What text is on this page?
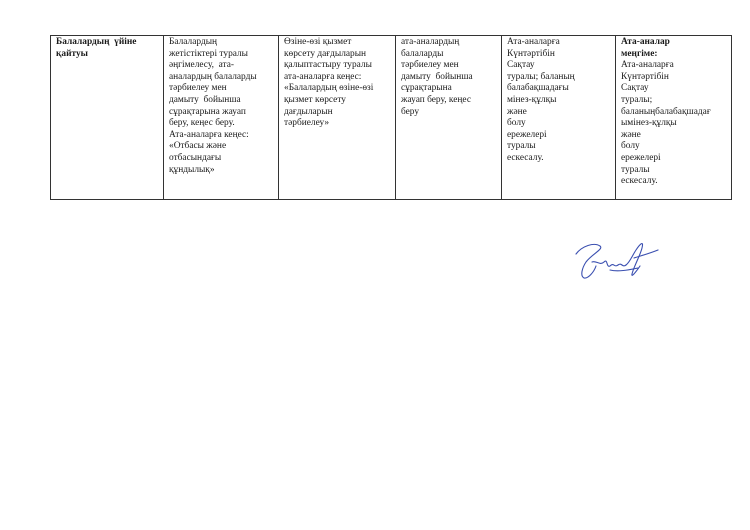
Балалардың  үйіне
қайтуы

Балалардың
жетістіктері туралы
әңгімелесу,  ата-
аналардың балаларды
тәрбиелеу мен
дамыту  бойынша
сұрақтарына жауап
беру, кеңес беру.
Ата-аналарға кеңес:
«Отбасы және
отбасындағы
құндылық»

Өзіне-өзі қызмет
көрсету дағдыларын
қалыптастыру туралы
ата-аналарға кеңес:
«Балалардың өзіне-өзі
қызмет көрсету
дағдыларын
тәрбиелеу»

ата-аналардың
балаларды
тәрбиелеу мен
дамыту  бойынша
сұрақтарына
жауап беру, кеңес
беру

Ата-аналарға
Күнтәртібін
Сақтау
туралы; баланың
балабақшадағы
мінез-құлқы
және
болу
ережелері
туралы
ескесалу.

Ата-аналар
меңгіме:
Ата-аналарға
Күнтәртібін
Сақтау
туралы;
баланыңбалабақшадағ
ымінез-құлқы
және
болу
ережелері
туралы
ескесалу.
